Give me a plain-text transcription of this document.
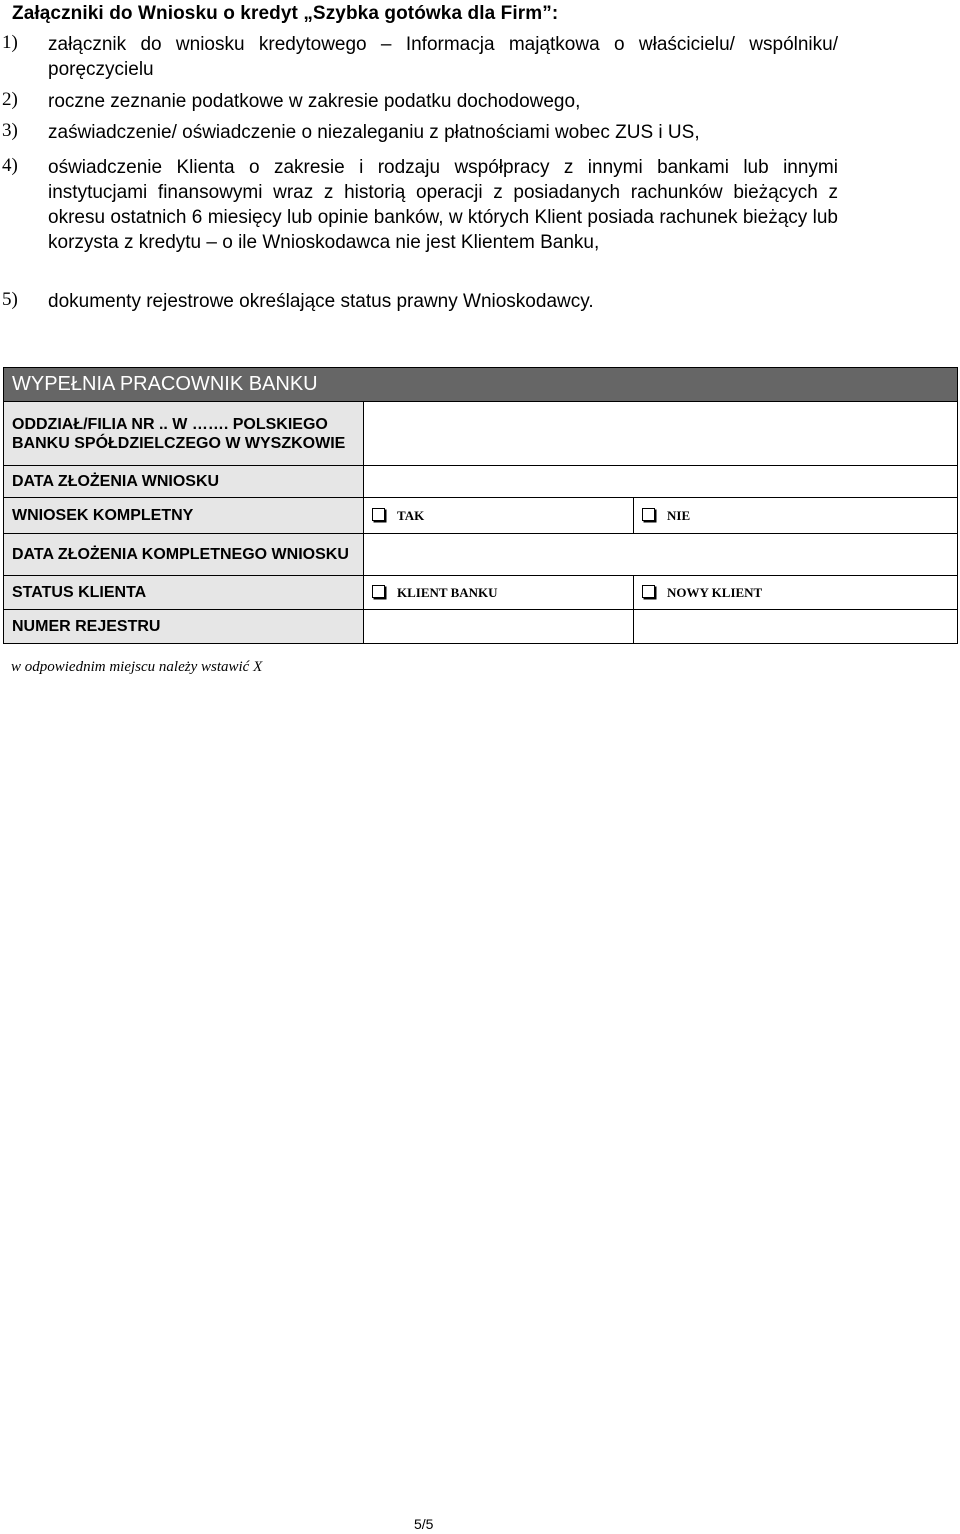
Załączniki do Wniosku o kredyt „Szybka gotówka dla Firm”:
1) załącznik do wniosku kredytowego – Informacja majątkowa o właścicielu/ wspólniku/ poręczycielu
2) roczne zeznanie podatkowe w zakresie podatku dochodowego,
3) zaświadczenie/ oświadczenie o niezaleganiu z płatnościami wobec ZUS i US,
4) oświadczenie Klienta o zakresie i rodzaju współpracy z innymi bankami lub innymi instytucjami finansowymi wraz z historią operacji z posiadanych rachunków bieżących z okresu ostatnich 6 miesięcy lub opinie banków, w których Klient posiada rachunek bieżący lub korzysta z kredytu – o ile Wnioskodawca nie jest Klientem Banku,
5) dokumenty rejestrowe określające status prawny Wnioskodawcy.
WYPEŁNIA PRACOWNIK BANKU		
ODDZIAŁ/FILIA NR .. W ……. POLSKIEGO BANKU SPÓŁDZIELCZEGO W WYSZKOWIE		
DATA ZŁOŻENIA WNIOSKU		
WNIOSEK KOMPLETNY	TAK	NIE

DATA ZŁOŻENIA KOMPLETNEGO WNIOSKU		
STATUS KLIENTA	KLIENT BANKU	NOWY KLIENT

NUMER REJESTRU		
w odpowiednim miejscu należy wstawić X
5/5
